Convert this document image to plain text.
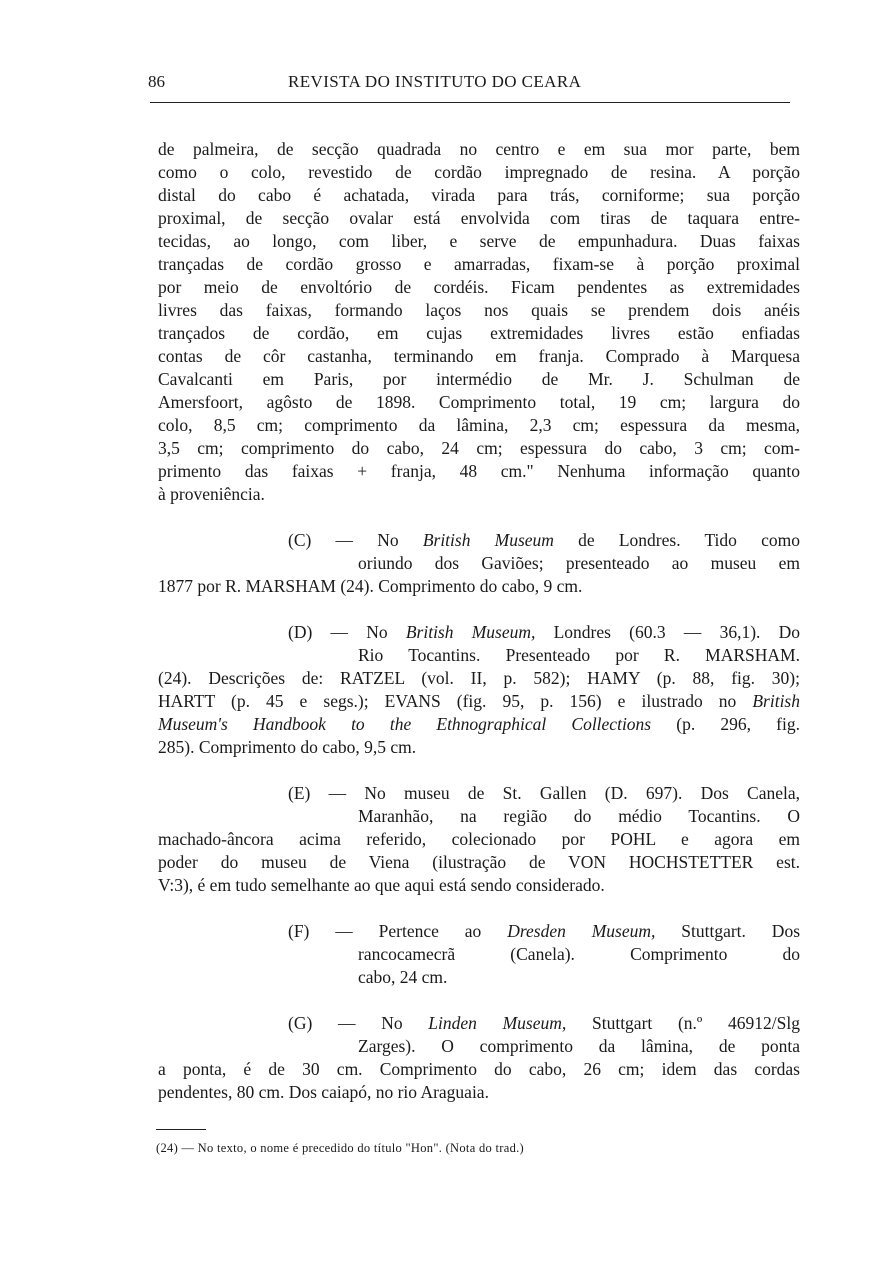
86	REVISTA DO INSTITUTO DO CEARA
de palmeira, de secção quadrada no centro e em sua mor parte, bem
como o colo, revestido de cordão impregnado de resina. A porção
distal do cabo é achatada, virada para trás, corniforme; sua porção
proximal, de secção ovalar está envolvida com tiras de taquara entre-
tecidas, ao longo, com liber, e serve de empunhadura. Duas faixas
trançadas de cordão grosso e amarradas, fixam-se à porção proximal
por meio de envoltório de cordéis. Ficam pendentes as extremidades
livres das faixas, formando laços nos quais se prendem dois anéis
trançados de cordão, em cujas extremidades livres estão enfiadas
contas de côr castanha, terminando em franja. Comprado à Marquesa
Cavalcanti em Paris, por intermédio de Mr. J. Schulman de
Amersfoort, agôsto de 1898. Comprimento total, 19 cm; largura do
colo, 8,5 cm; comprimento da lâmina, 2,3 cm; espessura da mesma,
3,5 cm; comprimento do cabo, 24 cm; espessura do cabo, 3 cm; com-
primento das faixas + franja, 48 cm." Nenhuma informação quanto
à proveniência.
(C) — No British Museum de Londres. Tido como
oriundo dos Gaviões; presenteado ao museu em
1877 por R. MARSHAM (24). Comprimento do cabo, 9 cm.
(D) — No British Museum, Londres (60.3 — 36,1). Do
Rio Tocantins. Presenteado por R. MARSHAM.
(24). Descrições de: RATZEL (vol. II, p. 582); HAMY (p. 88, fig. 30);
HARTT (p. 45 e segs.); EVANS (fig. 95, p. 156) e ilustrado no British
Museum's Handbook to the Ethnographical Collections (p. 296, fig.
285). Comprimento do cabo, 9,5 cm.
(E) — No museu de St. Gallen (D. 697). Dos Canela,
Maranhão, na região do médio Tocantins. O
machado-âncora acima referido, colecionado por POHL e agora em
poder do museu de Viena (ilustração de VON HOCHSTETTER est.
V:3), é em tudo semelhante ao que aqui está sendo considerado.
(F) — Pertence ao Dresden Museum, Stuttgart. Dos
rancocamecrã (Canela). Comprimento do
cabo, 24 cm.
(G) — No Linden Museum, Stuttgart (n.º 46912/Slg
Zarges). O comprimento da lâmina, de ponta
a ponta, é de 30 cm. Comprimento do cabo, 26 cm; idem das cordas
pendentes, 80 cm. Dos caiapó, no rio Araguaia.
(24) — No texto, o nome é precedido do título "Hon". (Nota do trad.)
